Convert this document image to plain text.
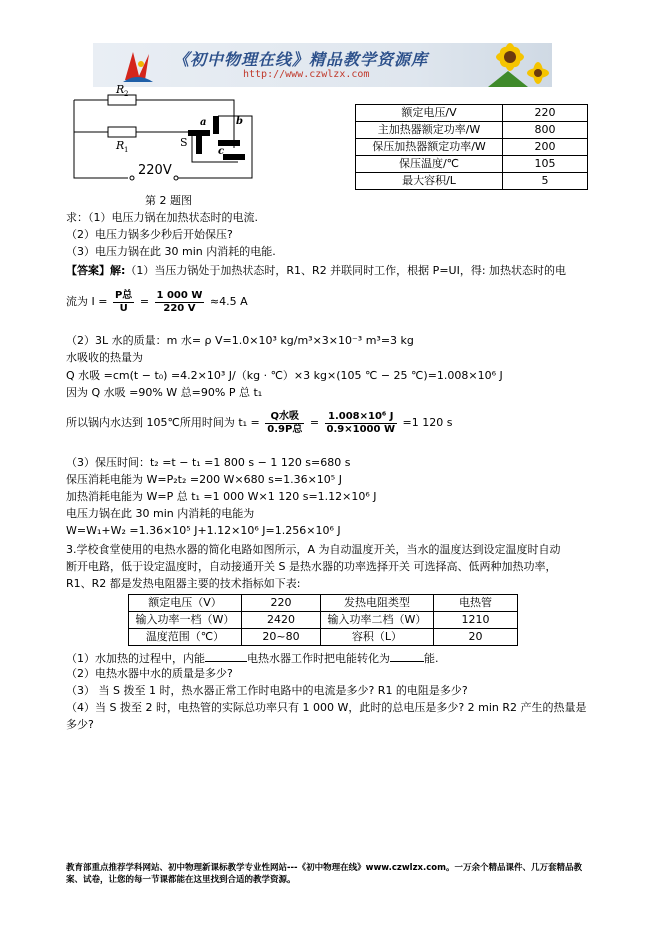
《初中物理在线》精品教学资源库
http://www.czwlzx.com
R 2
R 1
a	b
c
S
220V
额定电压/V	220
主加热器额定功率/W	800
保压加热器额定功率/W	200
保压温度/℃	105
最大容积/L	5
第 2 题图
求：（1）电压力锅在加热状态时的电流.
（2）电压力锅多少秒后开始保压?
（3）电压力锅在此 30 min 内消耗的电能.
【答案】解:（1）当压力锅处于加热状态时，R1、R2 并联同时工作，根据 P=UI，得: 加热状态时的电
流为 $I = \frac{\text{P总}}{U} = \frac{1 000 W}{220 V} \approx 4.5$ A
（2）3L 水的质量：m 水= ρ V=1.0×10³ kg/m³×3×10⁻³ m³=3 kg
水吸收的热量为
Q 水吸 =cm(t − t₀) =4.2×10³ J/（kg · ℃）×3 kg×(105 ℃ − 25 ℃)=1.008×10⁶ J
因为 Q 水吸 =90% W 总=90% P 总 t₁
所以锅内水达到 105℃所用时间为 $t_1 = \frac{\text{Q水吸}}{\text{0.9P总}} = \frac{\text{1.008×10⁶ J}}{0.9\times 1000 W} =1$ 120 s
（3）保压时间：t₂ =t − t₁ =1 800 s − 1 120 s=680 s
保压消耗电能为 W=P₂t₂ =200 W×680 s=1.36×10⁵ J
加热消耗电能为 W=P 总 t₁ =1 000 W×1 120 s=1.12×10⁶ J
电压力锅在此 30 min 内消耗的电能为
W=W₁+W₂ =1.36×10⁵ J+1.12×10⁶ J=1.256×10⁶ J
3.学校食堂使用的电热水器的简化电路如图所示，A 为自动温度开关，当水的温度达到设定温度时自动
断开电路，低于设定温度时，自动接通开关 S 是热水器的功率选择开关 可选择高、低两种加热功率，
R1、R2 都是发热电阻器主要的技术指标如下表:
额定电压（V）	220	发热电阻类型	电热管
输入功率一档（W）	2420	输入功率二档（W）	1210
温度范围（℃）	20~80	容积（L）	20
（1）水加热的过程中，内能	电热水器工作时把电能转化为	能.
（2）电热水器中水的质量是多少?
（3） 当 S 拨至 1 时，热水器正常工作时电路中的电流是多少? R1 的电阻是多少?
（4）当 S 拨至 2 时，电热管的实际总功率只有 1 000 W，此时的总电压是多少? 2 min R2 产生的热量是
多少?
教育部重点推荐学科网站、初中物理新课标教学专业性网站---《初中物理在线》www.czwlzx.com。一万余个精品课件、几万套精品教案、试卷，让您的每一节课都能在这里找到合适的教学资源。
